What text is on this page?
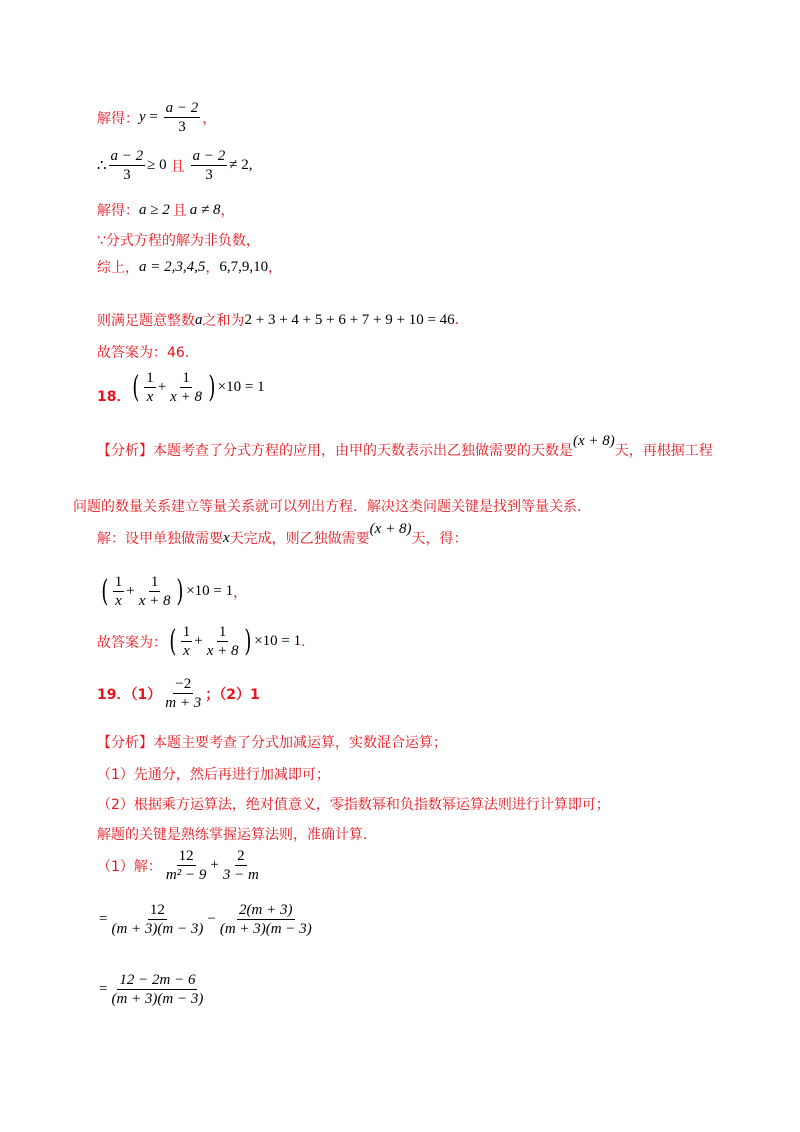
解得： $y = \frac{a - 2}{3}$ ，
∴ $\frac{a - 2}{3} \ge 0$ 且 $\frac{a - 2}{3} \ne 2$,
解得： a ≥ 2 且 a ≠ 8 ，
∵分式方程的解为非负数，
综上， a = 2,3,4,5 ， 6,7,9,10 ，
则满足题意整数 a 之和为 2 + 3 + 4 + 5 + 6 + 7 + 9 + 10 = 46 .
故答案为：46.
18． ( $\frac{1}{x} + \frac{1}{x + 8}$ ) ×10 = 1
【分析】本题考查了分式方程的应用，由甲的天数表示出乙独做需要的天数是
(x + 8)
天，再根据工程
问题的数量关系建立等量关系就可以列出方程．解决这类问题关键是找到等量关系．
解：设甲单独做需要 x 天完成，则乙独做需要
(x + 8)
天，得：
( $\frac{1}{x} + \frac{1}{x + 8}$ ) ×10 = 1 ，
故答案为： ( $\frac{1}{x} + \frac{1}{x + 8}$ ) ×10 = 1 .
19．$(1) \frac{-2}{m + 3}$ ；（2）1
【分析】本题主要考查了分式加减运算，实数混合运算；
（1）先通分，然后再进行加减即可；
（2）根据乘方运算法，绝对值意义，零指数幂和负指数幂运算法则进行计算即可；
解题的关键是熟练掌握运算法则，准确计算．
（1）解： $\frac{12}{\text{m² − 9}} + \frac{2}{3 - m}$
= $\frac{12}{(m + 3)(m - 3)} - \frac{2(m + 3)}{(m + 3)(m - 3)}$
= $\frac{12 - 2m - 6}{(m + 3)(m - 3)}$
